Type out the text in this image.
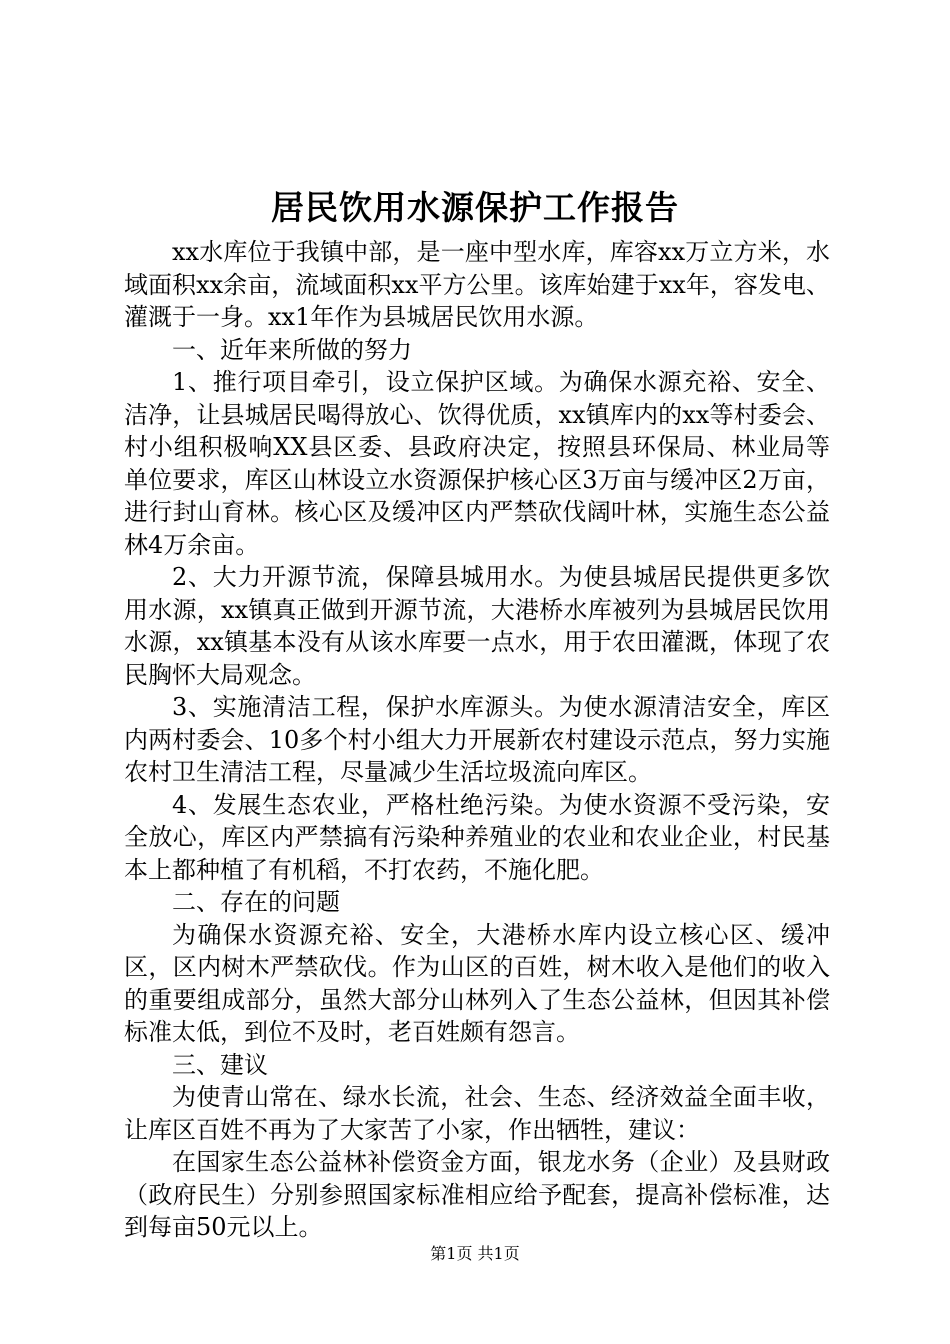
居民饮用水源保护工作报告

xx水库位于我镇中部，是一座中型水库，库容xx万立方米，水域面积xx余亩，流域面积xx平方公里。该库始建于xx年，容发电、灌溉于一身。xx1年作为县城居民饮用水源。

一、近年来所做的努力

1、推行项目牵引，设立保护区域。为确保水源充裕、安全、洁净，让县城居民喝得放心、饮得优质，xx镇库内的xx等村委会、村小组积极响XX县区委、县政府决定，按照县环保局、林业局等单位要求，库区山林设立水资源保护核心区3万亩与缓冲区2万亩，进行封山育林。核心区及缓冲区内严禁砍伐阔叶林，实施生态公益林4万余亩。

2、大力开源节流，保障县城用水。为使县城居民提供更多饮用水源，xx镇真正做到开源节流，大港桥水库被列为县城居民饮用水源，xx镇基本没有从该水库要一点水，用于农田灌溉，体现了农民胸怀大局观念。

3、实施清洁工程，保护水库源头。为使水源清洁安全，库区内两村委会、10多个村小组大力开展新农村建设示范点，努力实施农村卫生清洁工程，尽量减少生活垃圾流向库区。

4、发展生态农业，严格杜绝污染。为使水资源不受污染，安全放心，库区内严禁搞有污染种养殖业的农业和农业企业，村民基本上都种植了有机稻，不打农药，不施化肥。

二、存在的问题

为确保水资源充裕、安全，大港桥水库内设立核心区、缓冲区，区内树木严禁砍伐。作为山区的百姓，树木收入是他们的收入的重要组成部分，虽然大部分山林列入了生态公益林，但因其补偿标准太低，到位不及时，老百姓颇有怨言。

三、建议

为使青山常在、绿水长流，社会、生态、经济效益全面丰收，让库区百姓不再为了大家苦了小家，作出牺牲，建议：

在国家生态公益林补偿资金方面，银龙水务（企业）及县财政（政府民生）分别参照国家标准相应给予配套，提高补偿标准，达到每亩50元以上。

第1页 共1页
